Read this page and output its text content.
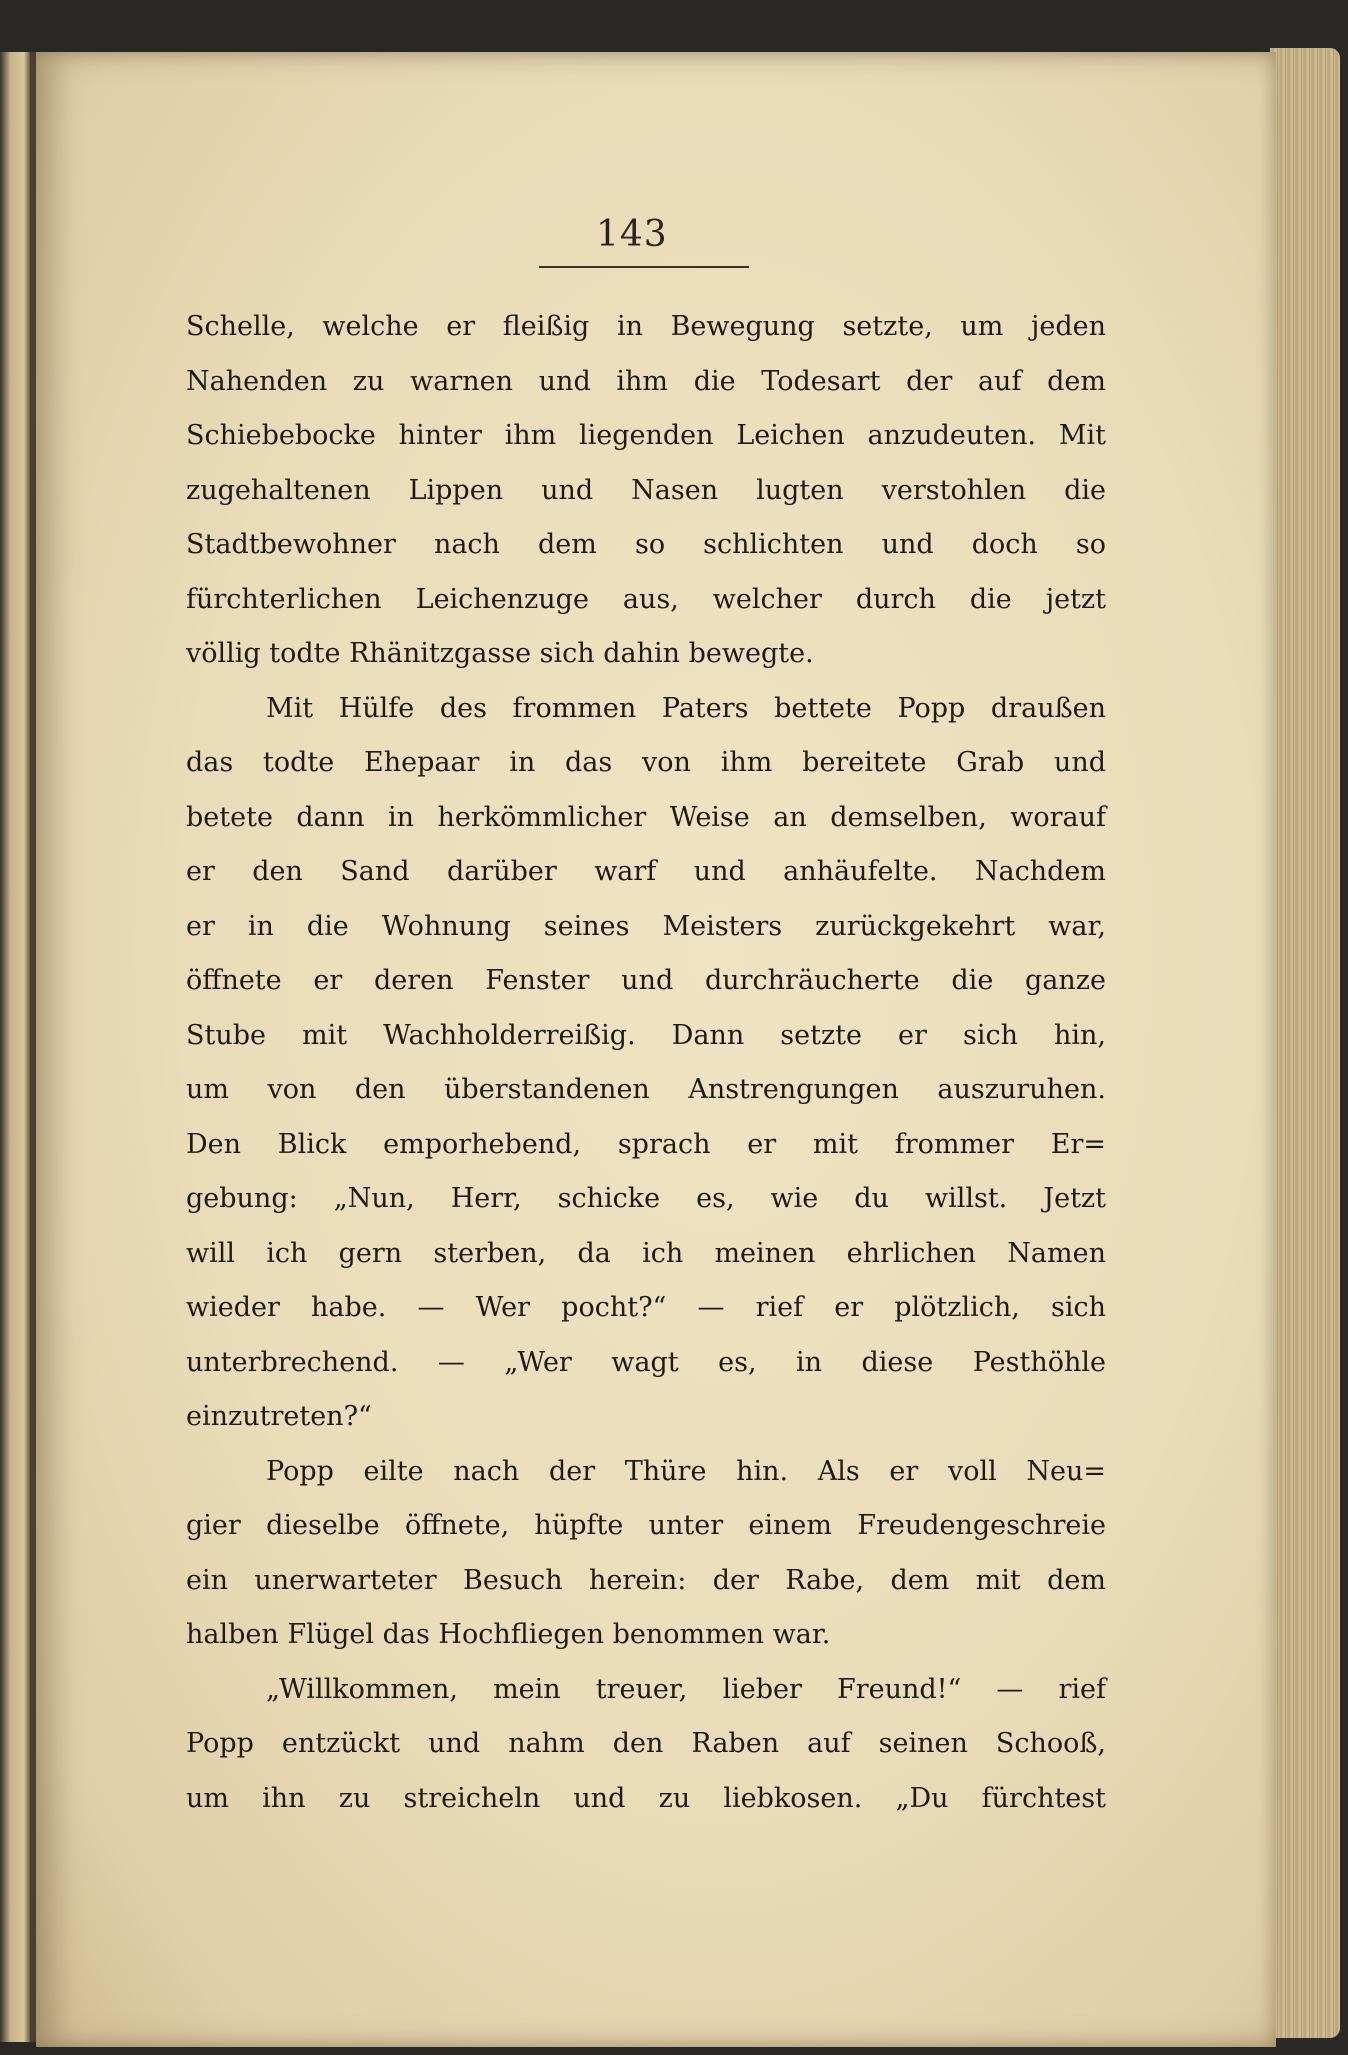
143
Schelle, welche er fleißig in Bewegung setzte, um jeden
Nahenden zu warnen und ihm die Todesart der auf dem
Schiebebocke hinter ihm liegenden Leichen anzudeuten. Mit
zugehaltenen Lippen und Nasen lugten verstohlen die
Stadtbewohner nach dem so schlichten und doch so
fürchterlichen Leichenzuge aus, welcher durch die jetzt
völlig todte Rhänitzgasse sich dahin bewegte.
Mit Hülfe des frommen Paters bettete Popp draußen
das todte Ehepaar in das von ihm bereitete Grab und
betete dann in herkömmlicher Weise an demselben, worauf
er den Sand darüber warf und anhäufelte. Nachdem
er in die Wohnung seines Meisters zurückgekehrt war,
öffnete er deren Fenster und durchräucherte die ganze
Stube mit Wachholderreißig. Dann setzte er sich hin,
um von den überstandenen Anstrengungen auszuruhen.
Den Blick emporhebend, sprach er mit frommer Er=
gebung: „Nun, Herr, schicke es, wie du willst. Jetzt
will ich gern sterben, da ich meinen ehrlichen Namen
wieder habe. — Wer pocht?“ — rief er plötzlich, sich
unterbrechend. — „Wer wagt es, in diese Pesthöhle
einzutreten?“
Popp eilte nach der Thüre hin. Als er voll Neu=
gier dieselbe öffnete, hüpfte unter einem Freudengeschreie
ein unerwarteter Besuch herein: der Rabe, dem mit dem
halben Flügel das Hochfliegen benommen war.
„Willkommen, mein treuer, lieber Freund!“ — rief
Popp entzückt und nahm den Raben auf seinen Schooß,
um ihn zu streicheln und zu liebkosen. „Du fürchtest
